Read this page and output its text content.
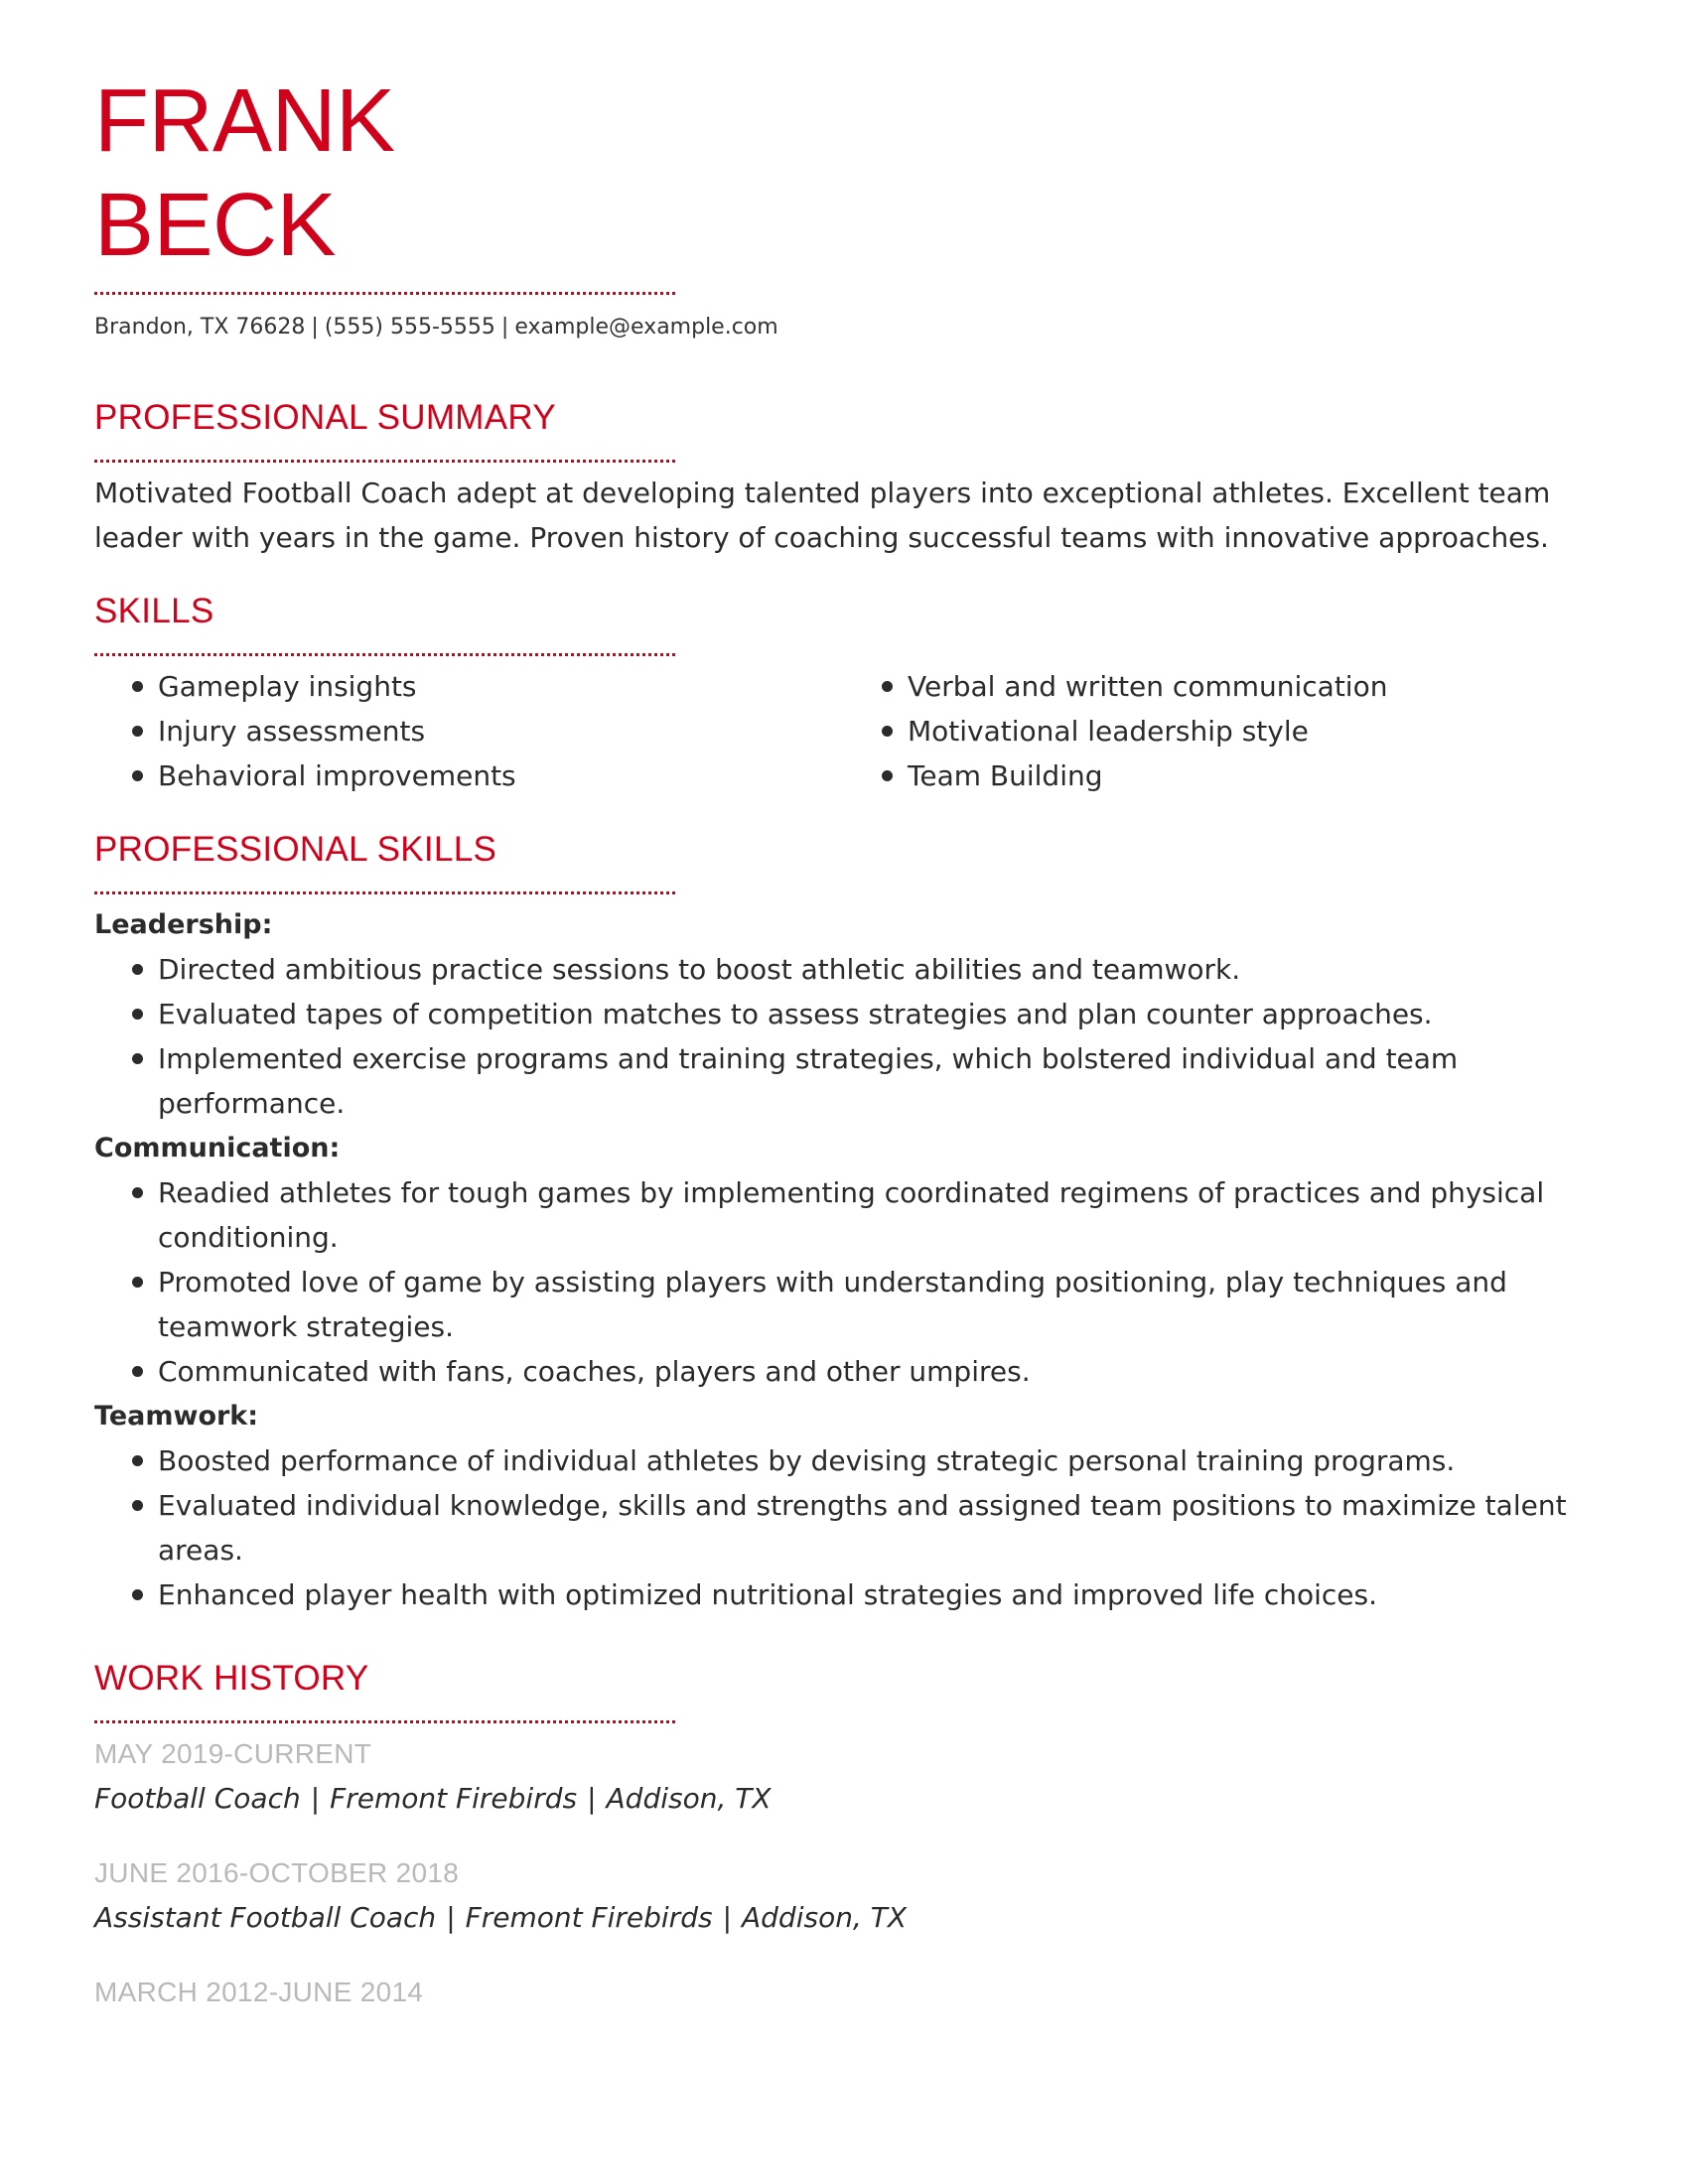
FRANK
BECK
Brandon, TX 76628 | (555) 555-5555 | example@example.com
PROFESSIONAL SUMMARY
Motivated Football Coach adept at developing talented players into exceptional athletes. Excellent team leader with years in the game. Proven history of coaching successful teams with innovative approaches.
SKILLS
Gameplay insights
Injury assessments
Behavioral improvements
Verbal and written communication
Motivational leadership style
Team Building
PROFESSIONAL SKILLS
Leadership:
Directed ambitious practice sessions to boost athletic abilities and teamwork.
Evaluated tapes of competition matches to assess strategies and plan counter approaches.
Implemented exercise programs and training strategies, which bolstered individual and team performance.
Communication:
Readied athletes for tough games by implementing coordinated regimens of practices and physical conditioning.
Promoted love of game by assisting players with understanding positioning, play techniques and teamwork strategies.
Communicated with fans, coaches, players and other umpires.
Teamwork:
Boosted performance of individual athletes by devising strategic personal training programs.
Evaluated individual knowledge, skills and strengths and assigned team positions to maximize talent areas.
Enhanced player health with optimized nutritional strategies and improved life choices.
WORK HISTORY
MAY 2019-CURRENT
Football Coach | Fremont Firebirds | Addison, TX
JUNE 2016-OCTOBER 2018
Assistant Football Coach | Fremont Firebirds | Addison, TX
MARCH 2012-JUNE 2014
